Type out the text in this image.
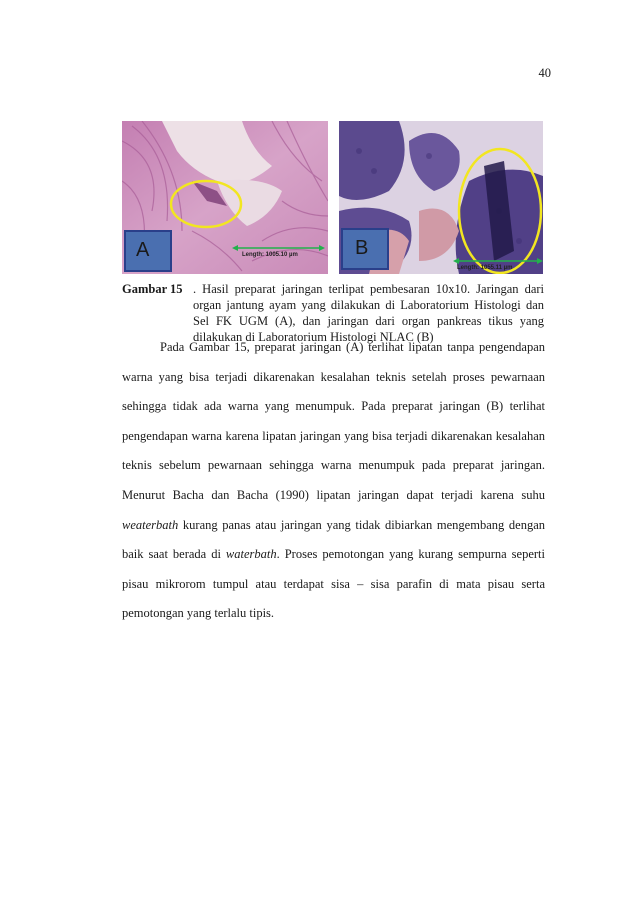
40
A	Length: 1005.10 µm	B
Length: 1055.11 µm
Gambar 15 . Hasil preparat jaringan terlipat pembesaran 10x10. Jaringan dari organ jantung ayam yang dilakukan di Laboratorium Histologi dan Sel FK UGM (A), dan jaringan dari organ pankreas tikus yang dilakukan di Laboratorium Histologi NLAC (B)

Pada Gambar 15, preparat jaringan (A) terlihat lipatan tanpa pengendapan warna yang bisa terjadi dikarenakan kesalahan teknis setelah proses pewarnaan sehingga tidak ada warna yang menumpuk. Pada preparat jaringan (B) terlihat pengendapan warna karena lipatan jaringan yang bisa terjadi dikarenakan kesalahan teknis sebelum pewarnaan sehingga warna menumpuk pada preparat jaringan. Menurut Bacha dan Bacha (1990) lipatan jaringan dapat terjadi karena suhu weaterbath kurang panas atau jaringan yang tidak dibiarkan mengembang dengan baik saat berada di waterbath. Proses pemotongan yang kurang sempurna seperti pisau mikrorom tumpul atau terdapat sisa – sisa parafin di mata pisau serta pemotongan yang terlalu tipis.
